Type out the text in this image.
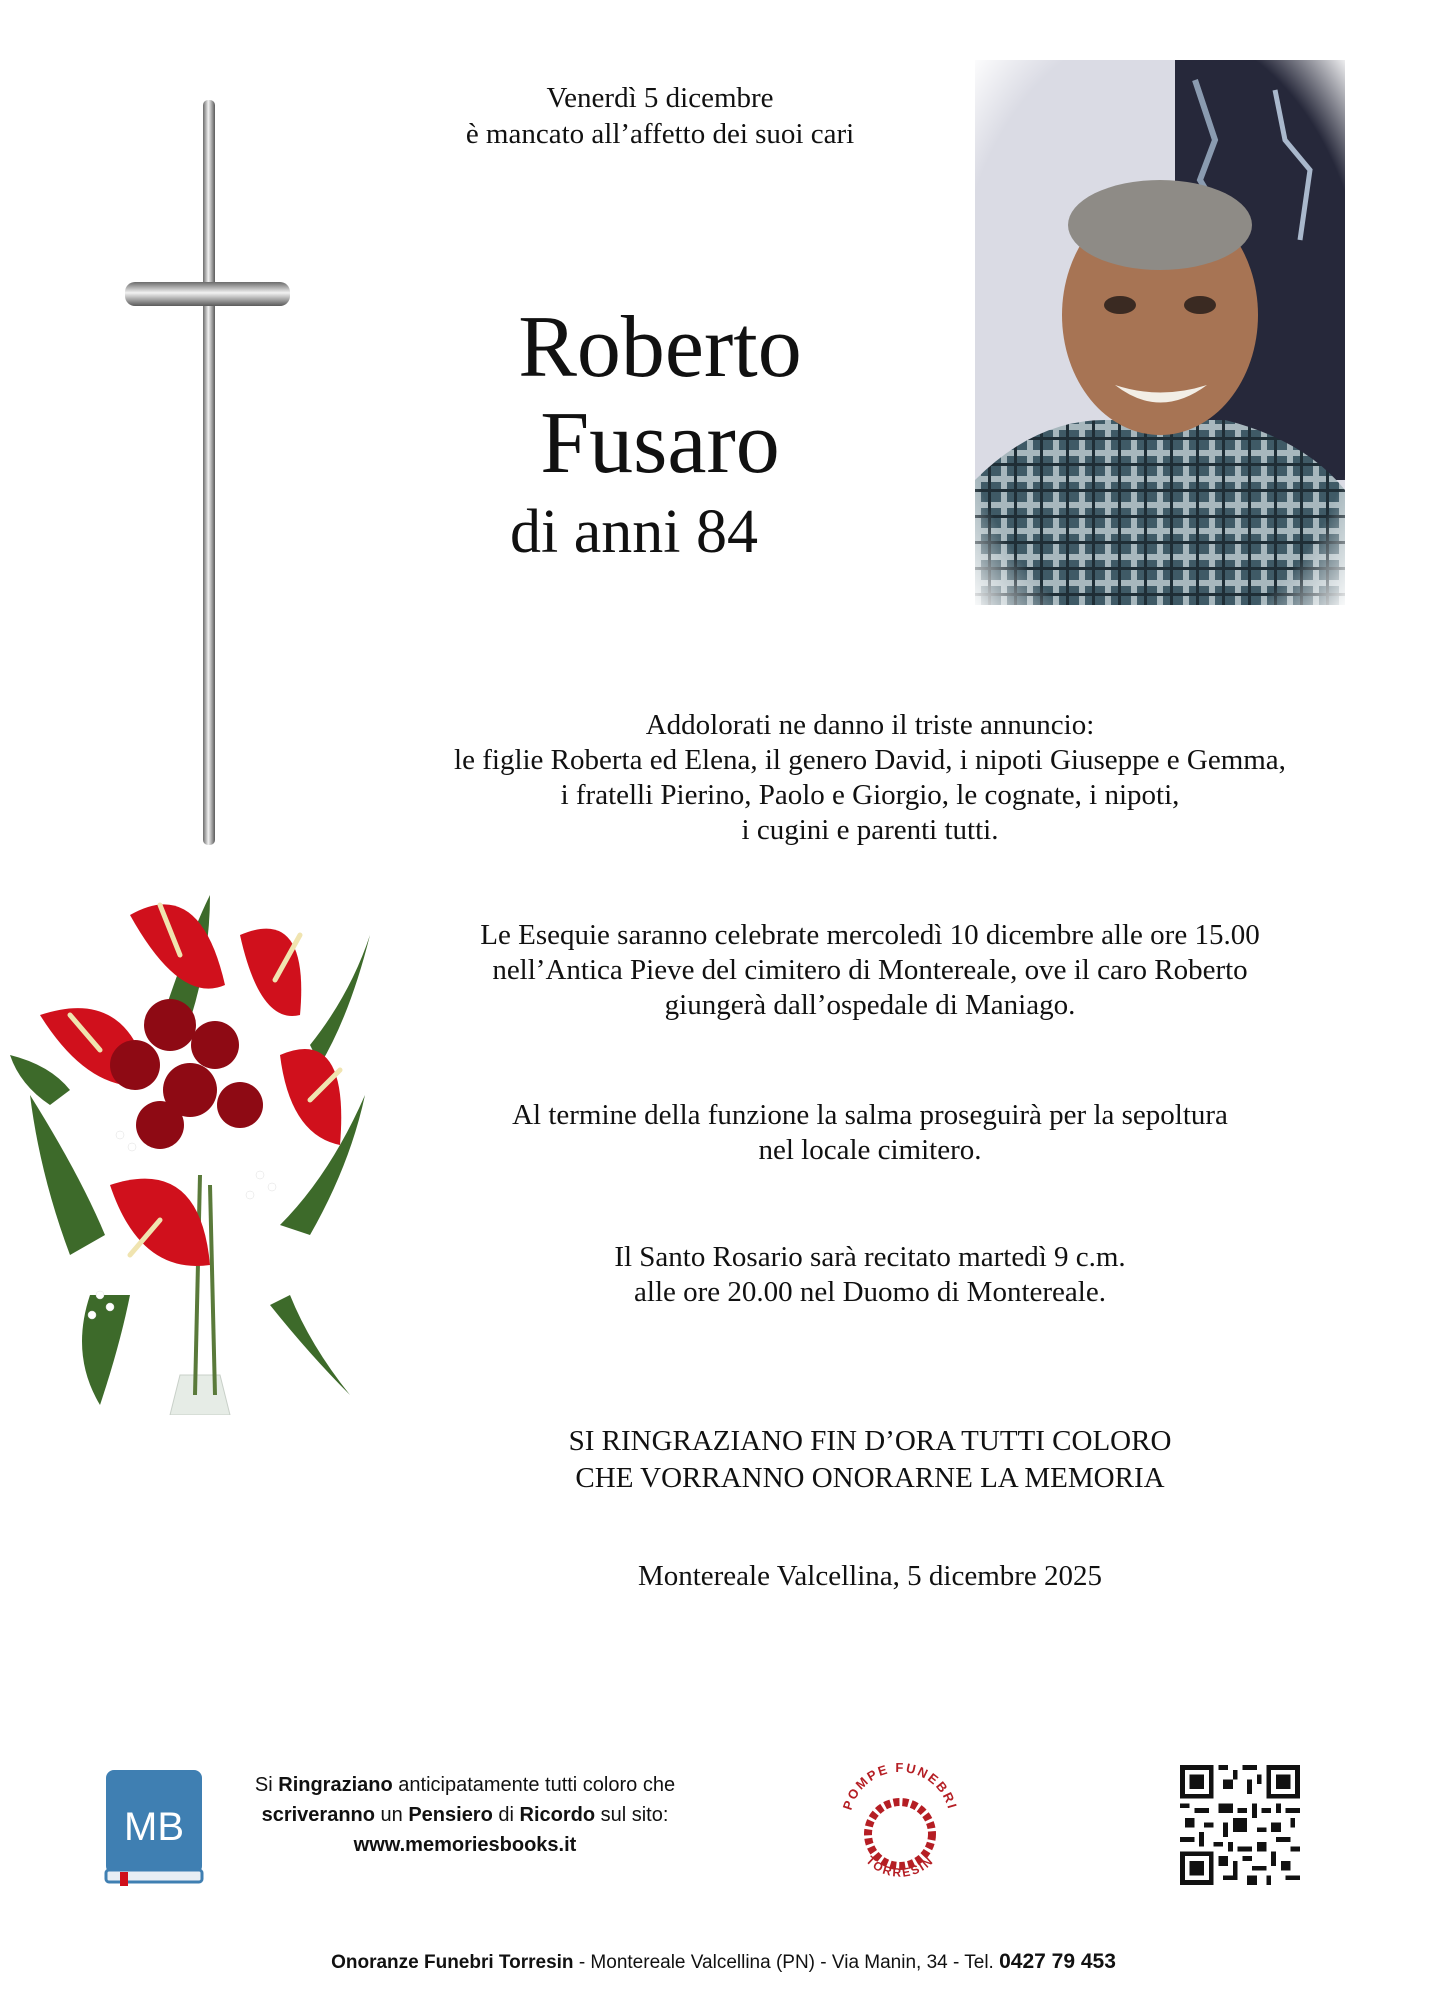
Venerdì 5 dicembre
è mancato all’affetto dei suoi cari
Roberto
Fusaro
di anni 84
Addolorati ne danno il triste annuncio:
le figlie Roberta ed Elena, il genero David, i nipoti Giuseppe e Gemma,
i fratelli Pierino, Paolo e Giorgio, le cognate, i nipoti,
i cugini e parenti tutti.
Le Esequie saranno celebrate mercoledì 10 dicembre alle ore 15.00
nell’Antica Pieve del cimitero di Montereale, ove il caro Roberto
giungerà dall’ospedale di Maniago.
Al termine della funzione la salma proseguirà per la sepoltura
nel locale cimitero.
Il Santo Rosario sarà recitato martedì 9 c.m.
alle ore 20.00 nel Duomo di Montereale.
SI RINGRAZIANO FIN D’ORA TUTTI COLORO
CHE VORRANNO ONORARNE LA MEMORIA
Montereale Valcellina, 5 dicembre 2025
MB
Si Ringraziano anticipatamente tutti coloro che
scriveranno un Pensiero di Ricordo sul sito:
www.memoriesbooks.it
POMPE FUNEBRI
TORRESIN
Onoranze Funebri Torresin - Montereale Valcellina (PN) - Via Manin, 34 - Tel. 0427 79 453
